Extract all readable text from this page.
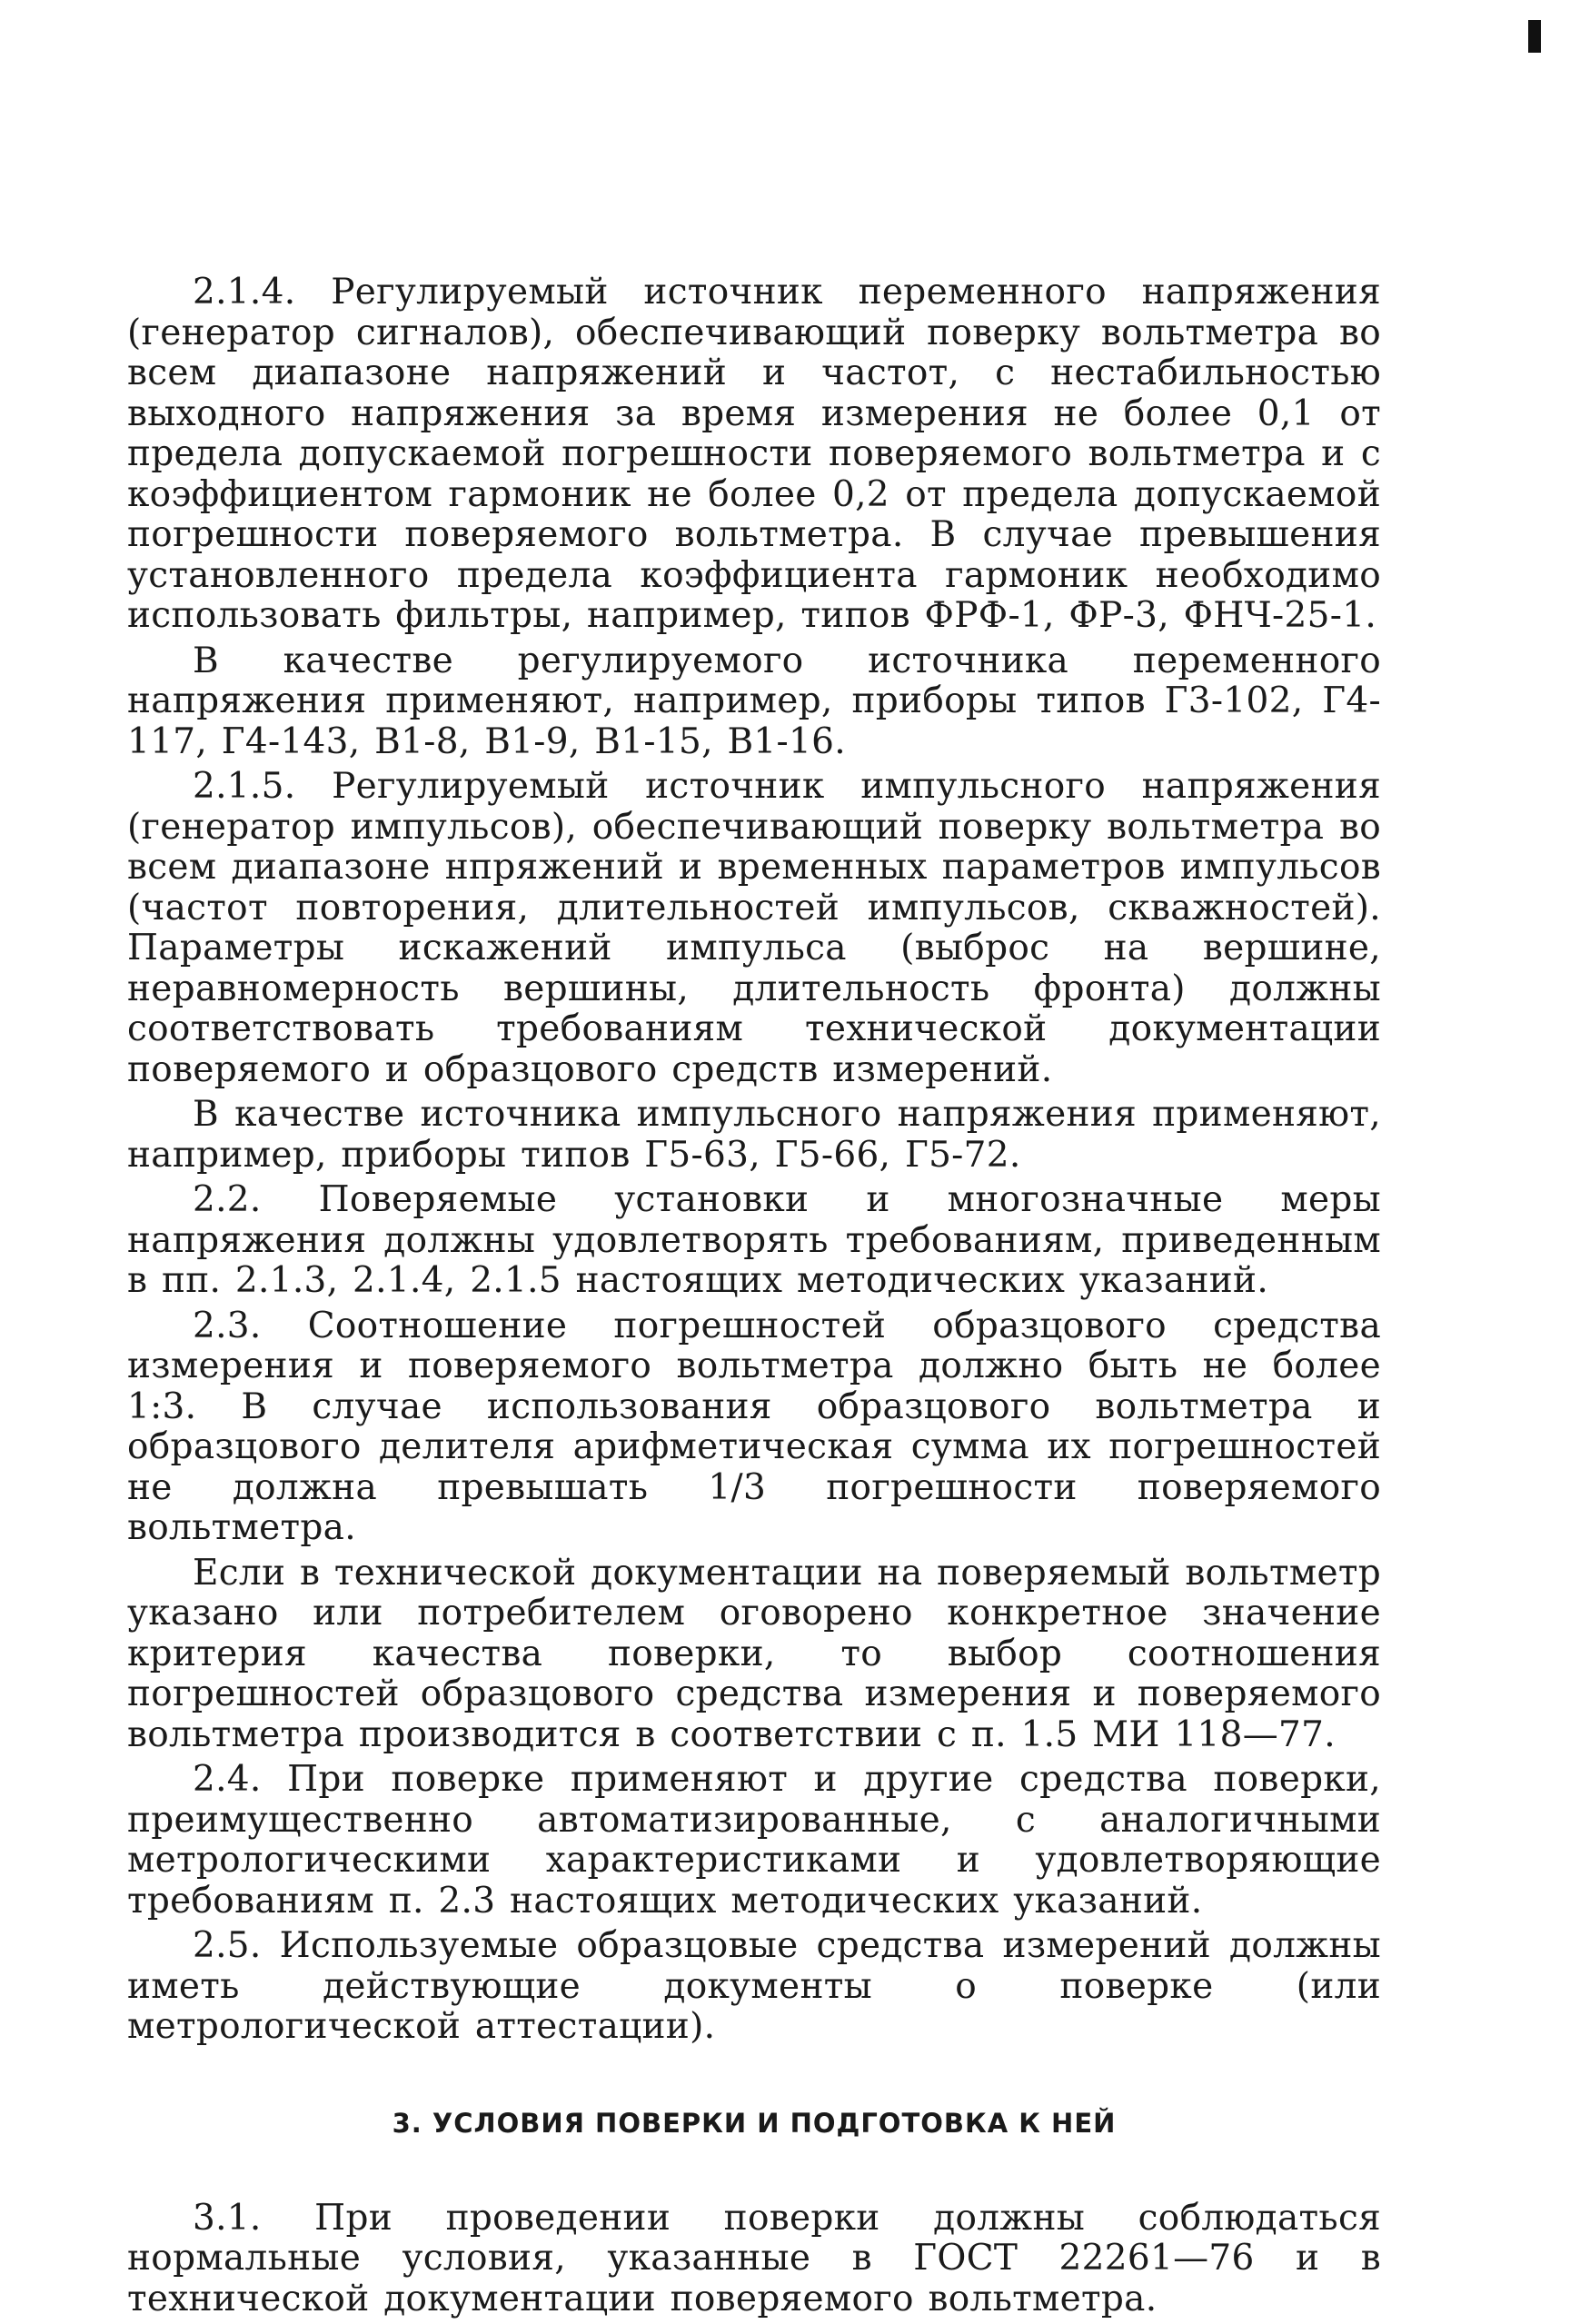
2.1.4. Регулируемый источник переменного напряжения (генератор сигналов), обеспечивающий поверку вольтметра во всем диапазоне напряжений и частот, с нестабильностью выходного напряжения за время измерения не более 0,1 от предела допускаемой погрешности поверяемого вольтметра и с коэффициентом гармоник не более 0,2 от предела допускаемой погрешности поверяемого вольтметра. В случае превышения установленного предела коэффициента гармоник необходимо использовать фильтры, например, типов ФРФ-1, ФР-3, ФНЧ-25-1.

В качестве регулируемого источника переменного напряжения применяют, например, приборы типов Г3-102, Г4-117, Г4-143, В1-8, В1-9, В1-15, В1-16.

2.1.5. Регулируемый источник импульсного напряжения (генератор импульсов), обеспечивающий поверку вольтметра во всем диапазоне нпряжений и временных параметров импульсов (частот повторения, длительностей импульсов, скважностей). Параметры искажений импульса (выброс на вершине, неравномерность вершины, длительность фронта) должны соответствовать требованиям технической документации поверяемого и образцового средств измерений.

В качестве источника импульсного напряжения применяют, например, приборы типов Г5-63, Г5-66, Г5-72.

2.2. Поверяемые установки и многозначные меры напряжения должны удовлетворять требованиям, приведенным в пп. 2.1.3, 2.1.4, 2.1.5 настоящих методических указаний.

2.3. Соотношение погрешностей образцового средства измерения и поверяемого вольтметра должно быть не более 1:3. В случае использования образцового вольтметра и образцового делителя арифметическая сумма их погрешностей не должна превышать 1/3 погрешности поверяемого вольтметра.

Если в технической документации на поверяемый вольтметр указано или потребителем оговорено конкретное значение критерия качества поверки, то выбор соотношения погрешностей образцового средства измерения и поверяемого вольтметра производится в соответствии с п. 1.5 МИ 118—77.

2.4. При поверке применяют и другие средства поверки, преимущественно автоматизированные, с аналогичными метрологическими характеристиками и удовлетворяющие требованиям п. 2.3 настоящих методических указаний.

2.5. Используемые образцовые средства измерений должны иметь действующие документы о поверке (или метрологической аттестации).

3. УСЛОВИЯ ПОВЕРКИ И ПОДГОТОВКА К НЕЙ

3.1. При проведении поверки должны соблюдаться нормальные условия, указанные в ГОСТ 22261—76 и в технической документации поверяемого вольтметра.
